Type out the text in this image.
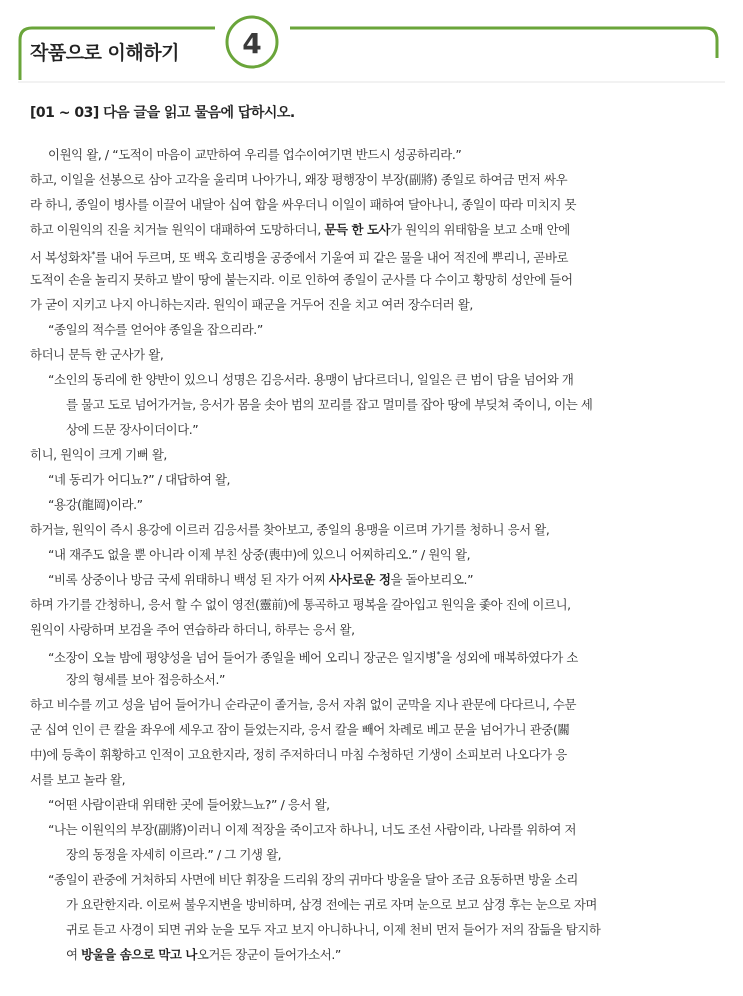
작품으로 이해하기	4
[01 ~ 03] 다음 글을 읽고 물음에 답하시오.
이원익 왈, / “도적이 마음이 교만하여 우리를 업수이여기면 반드시 성공하리라.”
하고, 이일을 선봉으로 삼아 고각을 울리며 나아가니, 왜장 평행장이 부장(副將) 종일로 하여금 먼저 싸우
라 하니, 종일이 병사를 이끌어 내달아 십여 합을 싸우더니 이일이 패하여 달아나니, 종일이 따라 미치지 못
하고 이원익의 진을 치거늘 원익이 대패하여 도망하더니, 문득 한 도사가 원익의 위태함을 보고 소매 안에
서 복성화차*를 내어 두르며, 또 백옥 호리병을 공중에서 기울여 피 같은 물을 내어 적진에 뿌리니, 곧바로
도적이 손을 놀리지 못하고 발이 땅에 붙는지라. 이로 인하여 종일이 군사를 다 수이고 황망히 성안에 들어
가 굳이 지키고 나지 아니하는지라. 원익이 패군을 거두어 진을 치고 여러 장수더러 왈,
“종일의 적수를 얻어야 종일을 잡으리라.”
하더니 문득 한 군사가 왈,
“소인의 동리에 한 양반이 있으니 성명은 김응서라. 용맹이 남다르더니, 일일은 큰 범이 담을 넘어와 개
를 물고 도로 넘어가거늘, 응서가 몸을 솟아 범의 꼬리를 잡고 멀미를 잡아 땅에 부딪쳐 죽이니, 이는 세
상에 드문 장사이더이다.”
히니, 원익이 크게 기뻐 왈,
“네 동리가 어디뇨?” / 대답하여 왈,
“용강(龍岡)이라.”
하거늘, 원익이 즉시 용강에 이르러 김응서를 찾아보고, 종일의 용맹을 이르며 가기를 청하니 응서 왈,
“내 재주도 없을 뿐 아니라 이제 부친 상중(喪中)에 있으니 어찌하리오.” / 원익 왈,
“비록 상중이나 방금 국세 위태하니 백성 된 자가 어찌 사사로운 정을 돌아보리오.”
하며 가기를 간청하니, 응서 할 수 없이 영전(靈前)에 통곡하고 평복을 갈아입고 원익을 좇아 진에 이르니,
원익이 사랑하며 보검을 주어 연습하라 하더니, 하루는 응서 왈,
“소장이 오늘 밤에 평양성을 넘어 들어가 종일을 베어 오리니 장군은 일지병*을 성외에 매복하였다가 소
장의 형세를 보아 접응하소서.”
하고 비수를 끼고 성을 넘어 들어가니 순라군이 졸거늘, 응서 자취 없이 군막을 지나 관문에 다다르니, 수문
군 십여 인이 큰 칼을 좌우에 세우고 잠이 들었는지라, 응서 칼을 빼어 차례로 베고 문을 넘어가니 관중(關
中)에 등촉이 휘황하고 인적이 고요한지라, 정히 주저하더니 마침 수청하던 기생이 소피보러 나오다가 응
서를 보고 놀라 왈,
“어떤 사람이관대 위태한 곳에 들어왔느뇨?” / 응서 왈,
“나는 이원익의 부장(副將)이러니 이제 적장을 죽이고자 하나니, 너도 조선 사람이라, 나라를 위하여 저
장의 동정을 자세히 이르라.” / 그 기생 왈,
“종일이 관중에 거처하되 사면에 비단 휘장을 드리워 장의 귀마다 방울을 달아 조금 요동하면 방울 소리
가 요란한지라. 이로써 불우지변을 방비하며, 삼경 전에는 귀로 자며 눈으로 보고 삼경 후는 눈으로 자며
귀로 듣고 사경이 되면 귀와 눈을 모두 자고 보지 아니하나니, 이제 천비 먼저 들어가 저의 잠듦을 탐지하
여 방울을 솜으로 막고 나오거든 장군이 들어가소서.”
